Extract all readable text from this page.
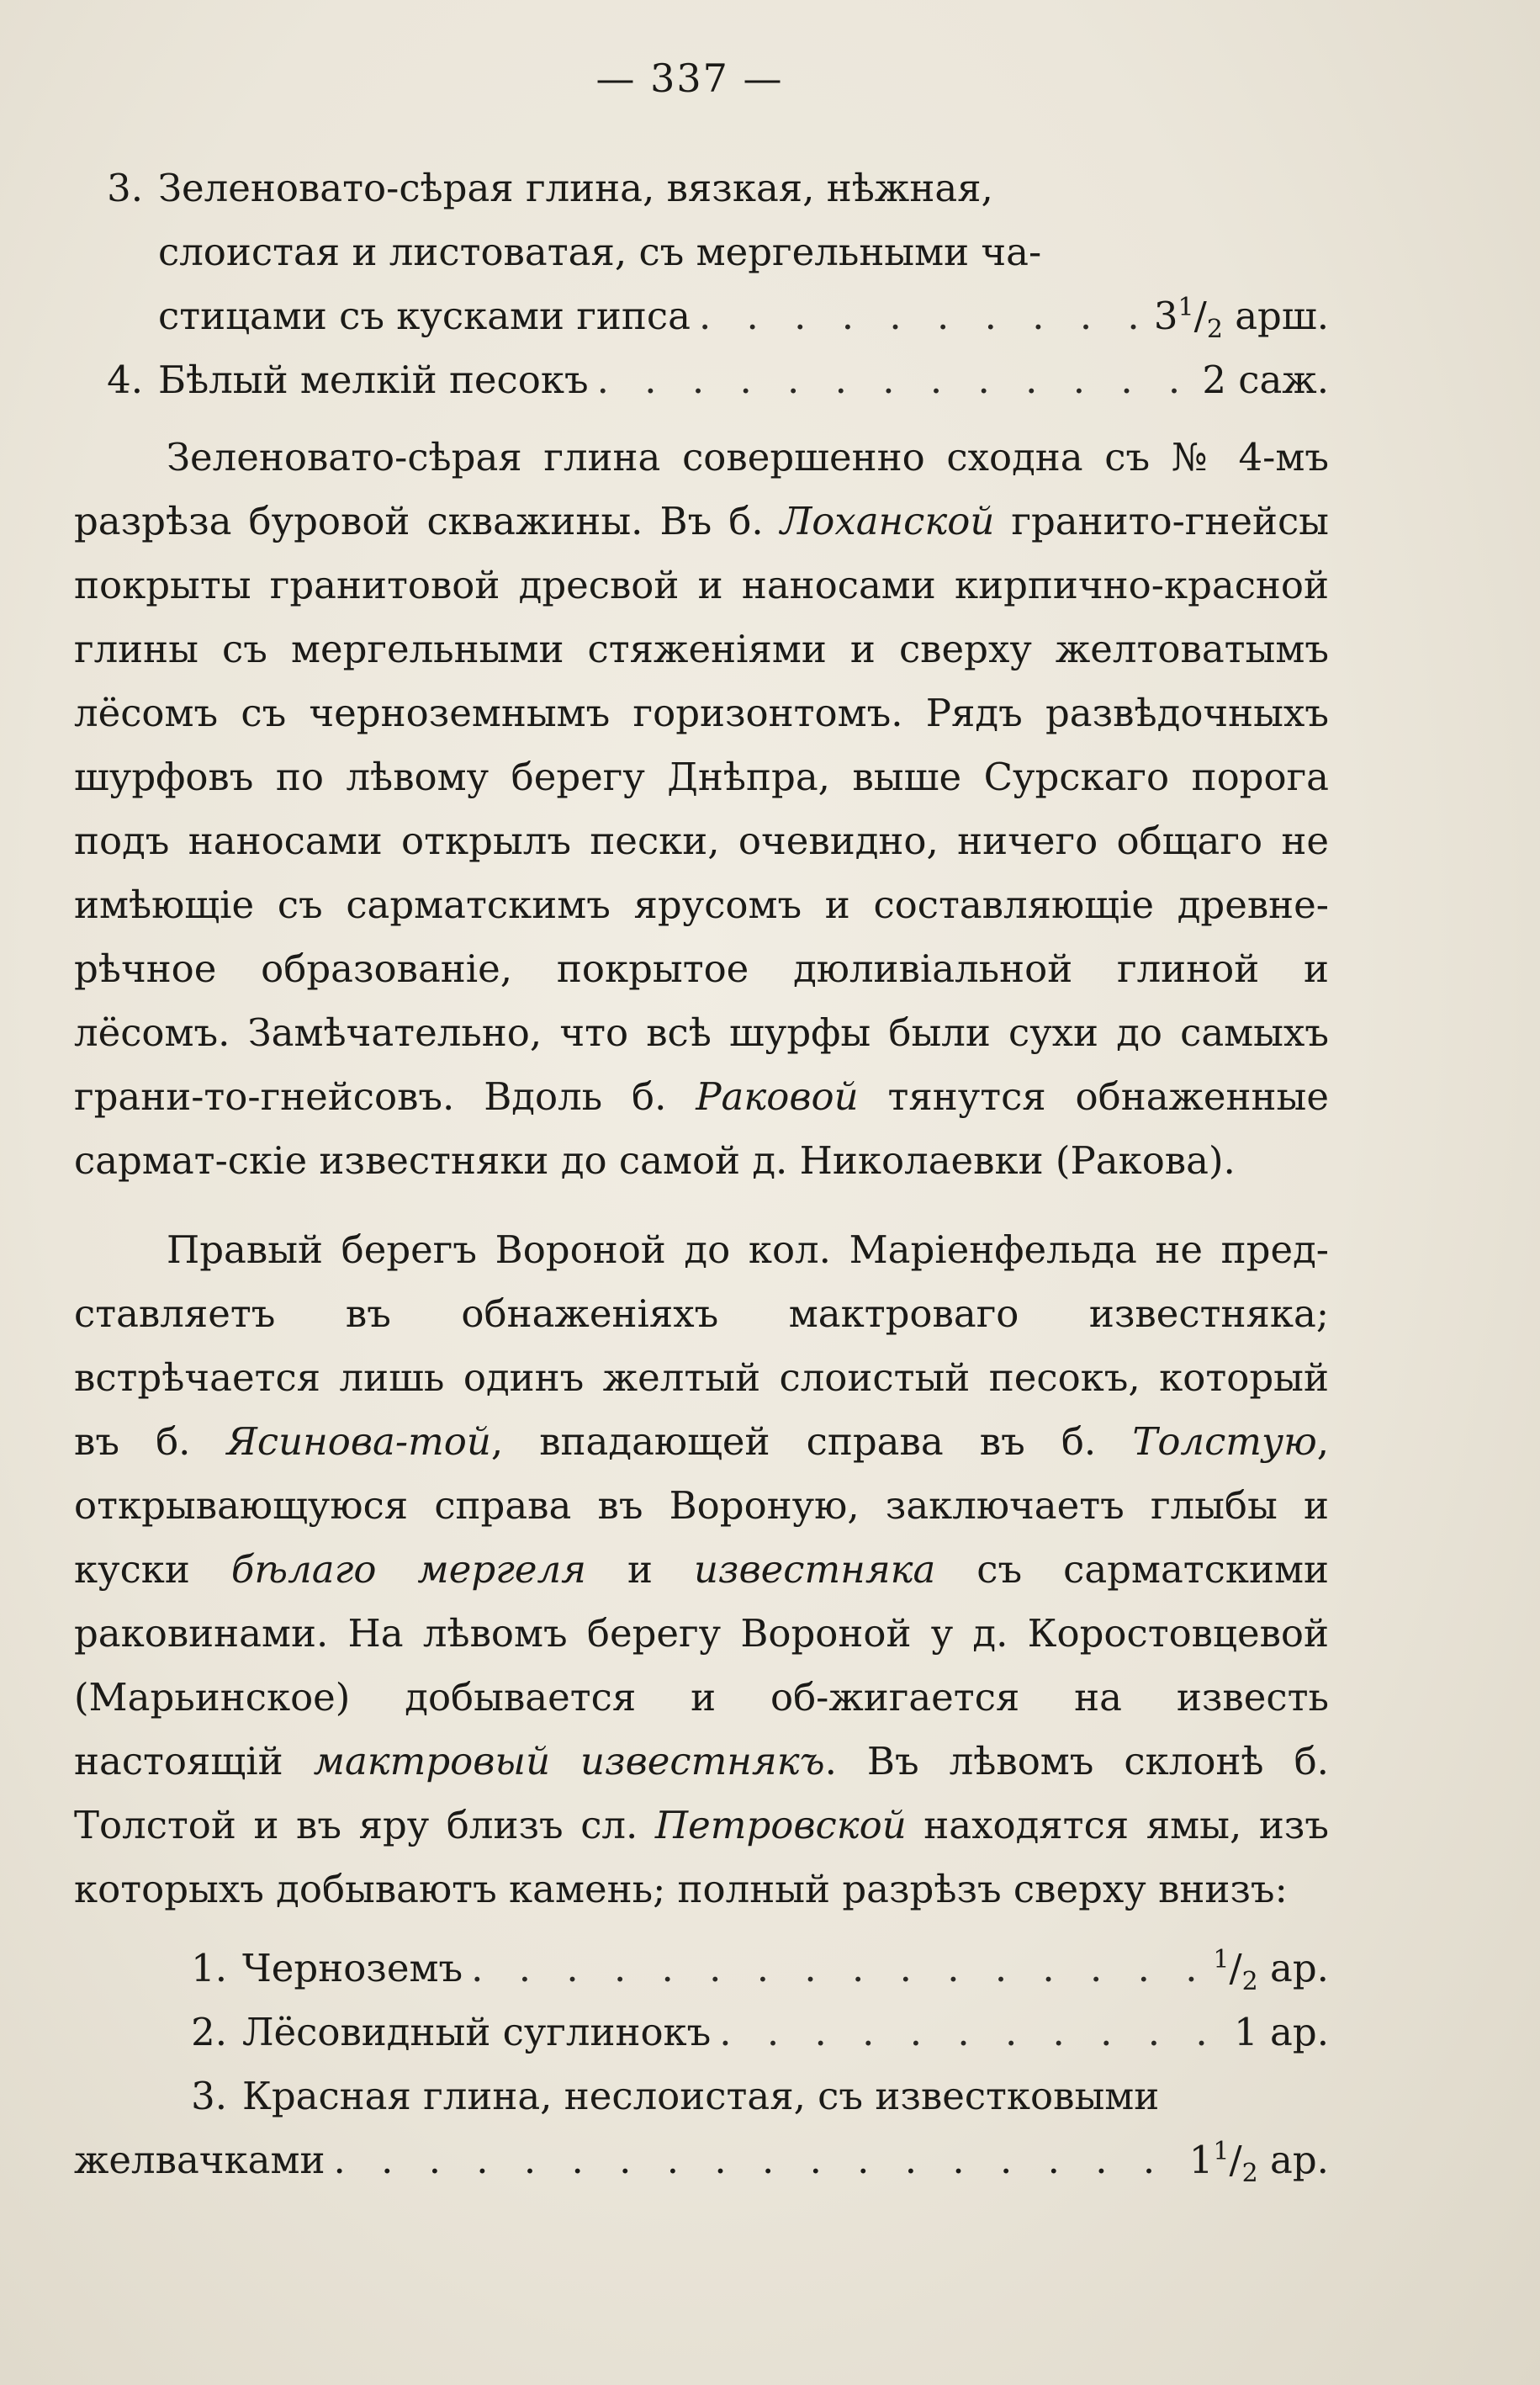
— 337 —
3. Зеленовато-сѣрая глина, вязкая, нѣжная,
слоистая и листоватая, съ мергельными ча-
стицами съ кусками гипса . . .	$3^1/_2$ арш.
4. Бѣлый мелкій песокъ . . .	2 саж.

Зеленовато-сѣрая глина совершенно сходна съ № 4-мъ разрѣза буровой скважины. Въ б. Лоханской гранито-гнейсы покрыты гранитовой дресвой и наносами кирпично-красной глины съ мергельными стяженіями и сверху желтоватымъ лёсомъ съ черноземнымъ горизонтомъ. Рядъ развѣдочныхъ шурфовъ по лѣвому берегу Днѣпра, выше Сурскаго порога подъ наносами открылъ пески, очевидно, ничего общаго не имѣющіе съ сарматскимъ ярусомъ и составляющіе древне-рѣчное образованіе, покрытое дюливіальной глиной и лёсомъ. Замѣчательно, что всѣ шурфы были сухи до самыхъ грани-то-гнейсовъ. Вдоль б. Раковой тянутся обнаженные сармат-скіе известняки до самой д. Николаевки (Ракова).

Правый берегъ Вороной до кол. Маріенфельда не пред-ставляетъ въ обнаженіяхъ мактроваго известняка; встрѣчается лишь одинъ желтый слоистый песокъ, который въ б. Ясинова-той, впадающей справа въ б. Толстую, открывающуюся справа въ Вороную, заключаетъ глыбы и куски бѣлаго мергеля и известняка съ сарматскими раковинами. На лѣвомъ берегу Вороной у д. Коростовцевой (Марьинское) добывается и об-жигается на известь настоящій мактровый известнякъ. Въ лѣвомъ склонѣ б. Толстой и въ яру близъ сл. Петровской находятся ямы, изъ которыхъ добываютъ камень; полный разрѣзъ сверху внизъ:

1. Черноземъ . . .	$^1/_2$ ар.
2. Лёсовидный суглинокъ . . .	1 ар.
3. Красная глина, неслоистая, съ известковыми
желвачками . . .	$1^1/_2$ ар.
